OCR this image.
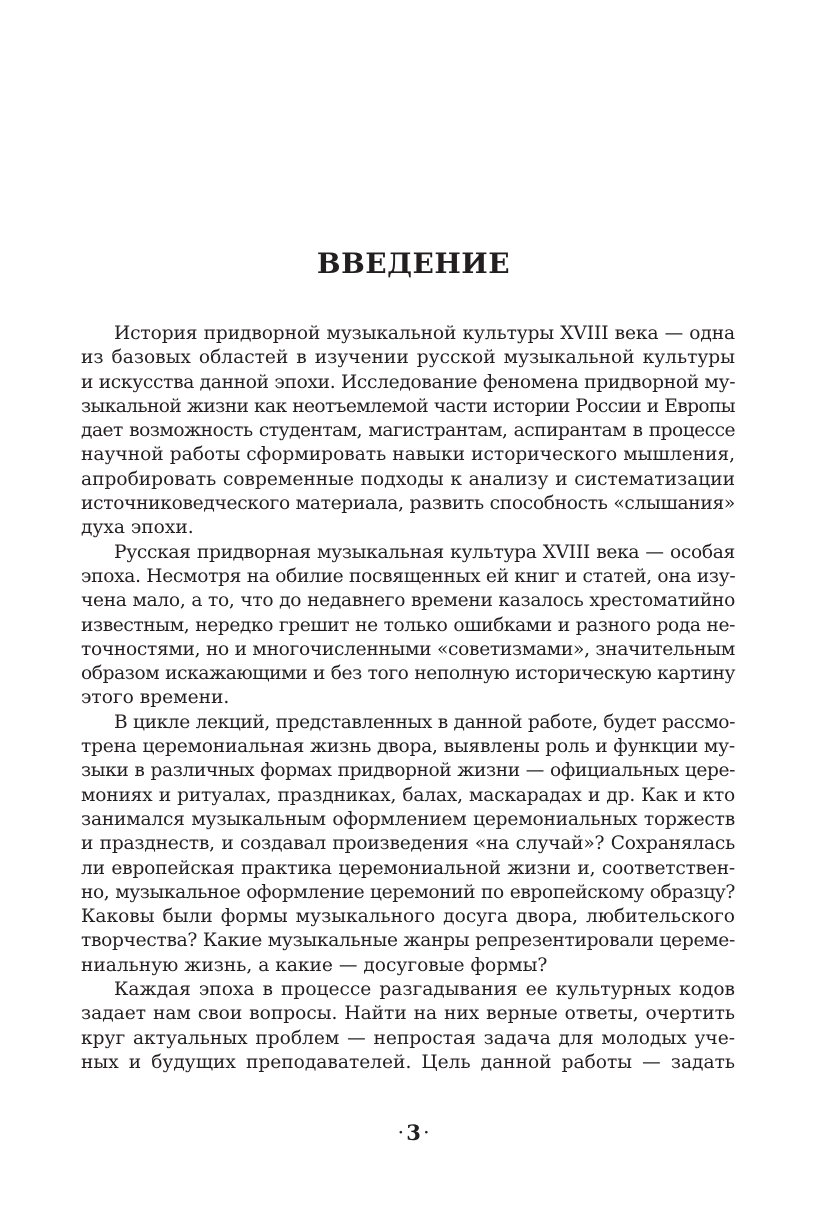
ВВЕДЕНИЕ
История придворной музыкальной культуры XVIII века — одна
из базовых областей в изучении русской музыкальной культуры
и искусства данной эпохи. Исследование феномена придворной му-
зыкальной жизни как неотъемлемой части истории России и Европы
дает возможность студентам, магистрантам, аспирантам в процессе
научной работы сформировать навыки исторического мышления,
апробировать современные подходы к анализу и систематизации
источниковедческого материала, развить способность «слышания»
духа эпохи.
Русская придворная музыкальная культура XVIII века — особая
эпоха. Несмотря на обилие посвященных ей книг и статей, она изу-
чена мало, а то, что до недавнего времени казалось хрестоматийно
известным, нередко грешит не только ошибками и разного рода не-
точностями, но и многочисленными «советизмами», значительным
образом искажающими и без того неполную историческую картину
этого времени.
В цикле лекций, представленных в данной работе, будет рассмо-
трена церемониальная жизнь двора, выявлены роль и функции му-
зыки в различных формах придворной жизни — официальных цере-
мониях и ритуалах, праздниках, балах, маскарадах и др. Как и кто
занимался музыкальным оформлением церемониальных торжеств
и празднеств, и создавал произведения «на случай»? Сохранялась
ли европейская практика церемониальной жизни и, соответствен-
но, музыкальное оформление церемоний по европейскому образцу?
Каковы были формы музыкального досуга двора, любительского
творчества? Какие музыкальные жанры репрезентировали цереме-
ниальную жизнь, а какие — досуговые формы?
Каждая эпоха в процессе разгадывания ее культурных кодов
задает нам свои вопросы. Найти на них верные ответы, очертить
круг актуальных проблем — непростая задача для молодых уче-
ных и будущих преподавателей. Цель данной работы — задать
· 3 ·
